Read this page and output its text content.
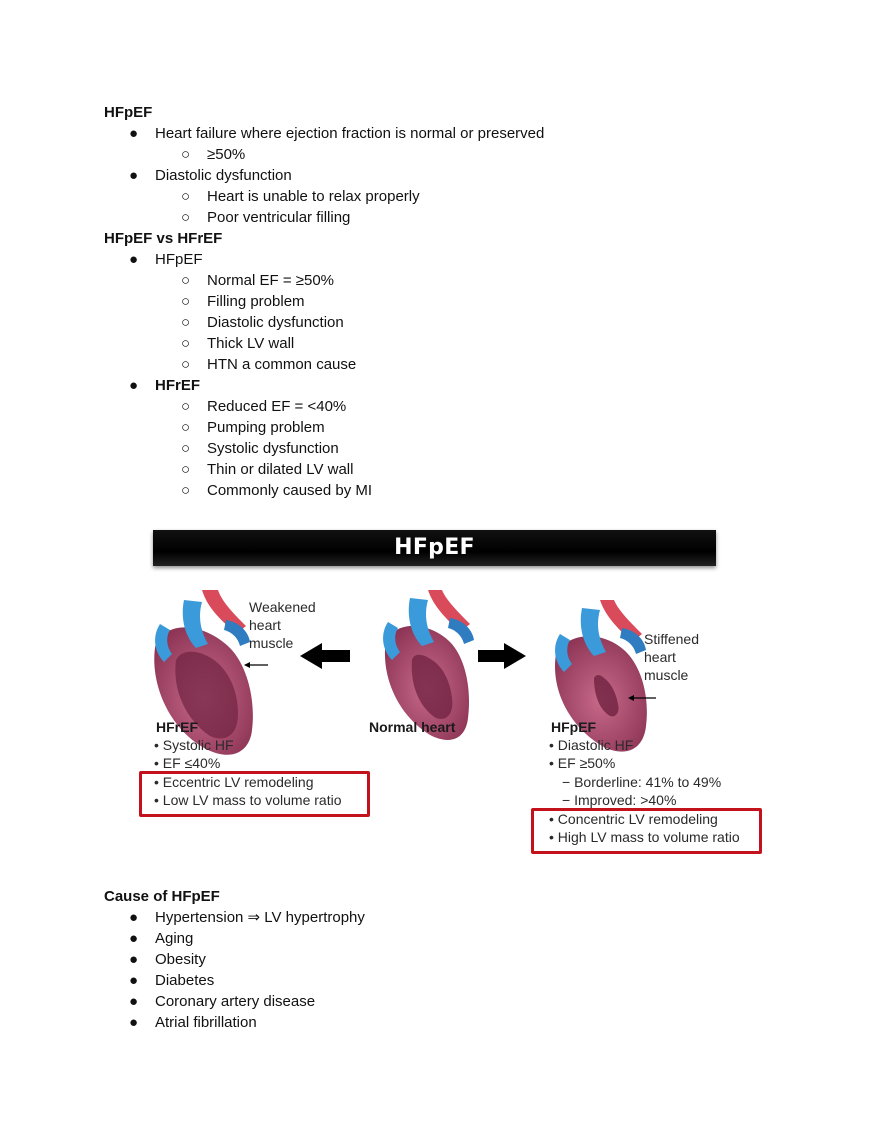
HFpEF
● Heart failure where ejection fraction is normal or preserved
○ ≥50%
● Diastolic dysfunction
○ Heart is unable to relax properly
○ Poor ventricular filling
HFpEF vs HFrEF
● HFpEF
○ Normal EF = ≥50%
○ Filling problem
○ Diastolic dysfunction
○ Thick LV wall
○ HTN a common cause
● HFrEF
○ Reduced EF = <40%
○ Pumping problem
○ Systolic dysfunction
○ Thin or dilated LV wall
○ Commonly caused by MI
HFpEF
Weakened
heart
muscle	Stiffened
heart
muscle
Normal heart
HFrEF
• Systolic HF
• EF ≤40%
• Eccentric LV remodeling
• Low LV mass to volume ratio
HFpEF
• Diastolic HF
• EF ≥50%
− Borderline: 41% to 49%
− Improved: >40%
• Concentric LV remodeling
• High LV mass to volume ratio
Cause of HFpEF
● Hypertension ⇒ LV hypertrophy
● Aging
● Obesity
● Diabetes
● Coronary artery disease
● Atrial fibrillation
